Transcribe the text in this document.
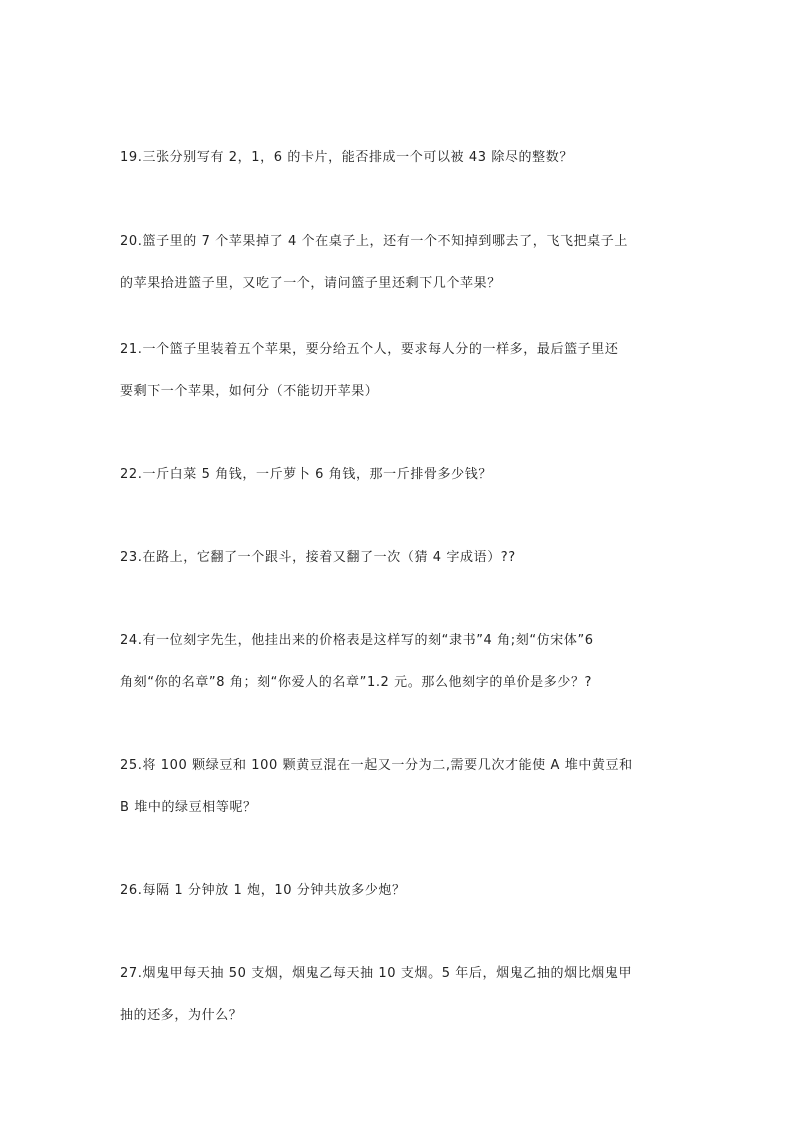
19.三张分别写有 2，1，6 的卡片，能否排成一个可以被 43 除尽的整数？
20.篮子里的 7 个苹果掉了 4 个在桌子上，还有一个不知掉到哪去了，飞飞把桌子上
的苹果拾进篮子里，又吃了一个，请问篮子里还剩下几个苹果？
21.一个篮子里装着五个苹果，要分给五个人，要求每人分的一样多，最后篮子里还
要剩下一个苹果，如何分（不能切开苹果）
22.一斤白菜 5 角钱，一斤萝卜 6 角钱，那一斤排骨多少钱？
23.在路上，它翻了一个跟斗，接着又翻了一次（猜 4 字成语）??
24.有一位刻字先生，他挂出来的价格表是这样写的刻“隶书”4 角;刻“仿宋体”6
角刻“你的名章”8 角；刻“你爱人的名章”1.2 元。那么他刻字的单价是多少？?
25.将 100 颗绿豆和 100 颗黄豆混在一起又一分为二,需要几次才能使 A 堆中黄豆和
B 堆中的绿豆相等呢？
26.每隔 1 分钟放 1 炮，10 分钟共放多少炮？
27.烟鬼甲每天抽 50 支烟，烟鬼乙每天抽 10 支烟。5 年后，烟鬼乙抽的烟比烟鬼甲
抽的还多，为什么？
